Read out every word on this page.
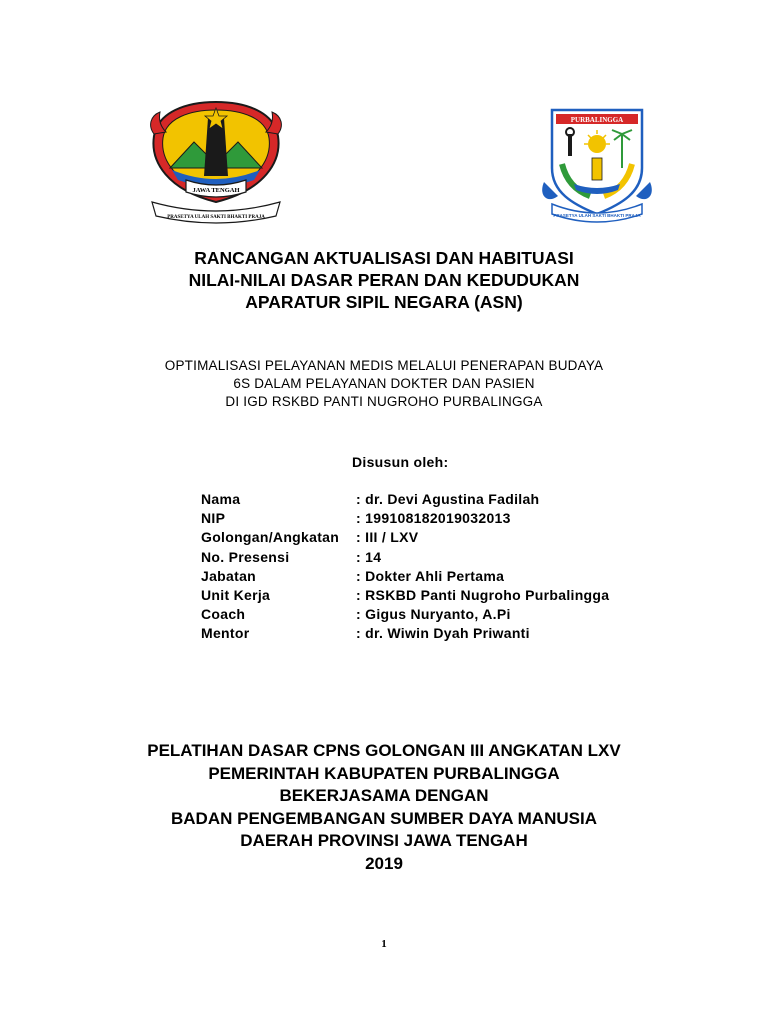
JAWA TENGAH
PRASETYA ULAH SAKTI BHAKTI PRAJA
PURBALINGGA
PRASETYA ULAH SAKTI BHAKTI PRAJA
RANCANGAN AKTUALISASI DAN HABITUASI
NILAI-NILAI DASAR PERAN DAN KEDUDUKAN
APARATUR SIPIL NEGARA (ASN)
OPTIMALISASI PELAYANAN MEDIS MELALUI PENERAPAN BUDAYA
6S DALAM PELAYANAN DOKTER DAN PASIEN
DI IGD RSKBD PANTI NUGROHO PURBALINGGA
Disusun oleh:
Nama	: dr. Devi Agustina Fadilah
NIP	: 199108182019032013
Golongan/Angkatan	: III / LXV
No. Presensi	: 14
Jabatan	: Dokter Ahli Pertama
Unit Kerja	: RSKBD Panti Nugroho Purbalingga
Coach	: Gigus Nuryanto, A.Pi
Mentor	: dr. Wiwin Dyah Priwanti
PELATIHAN DASAR CPNS GOLONGAN III ANGKATAN LXV
PEMERINTAH KABUPATEN PURBALINGGA
BEKERJASAMA DENGAN
BADAN PENGEMBANGAN SUMBER DAYA MANUSIA
DAERAH PROVINSI JAWA TENGAH
2019
1
